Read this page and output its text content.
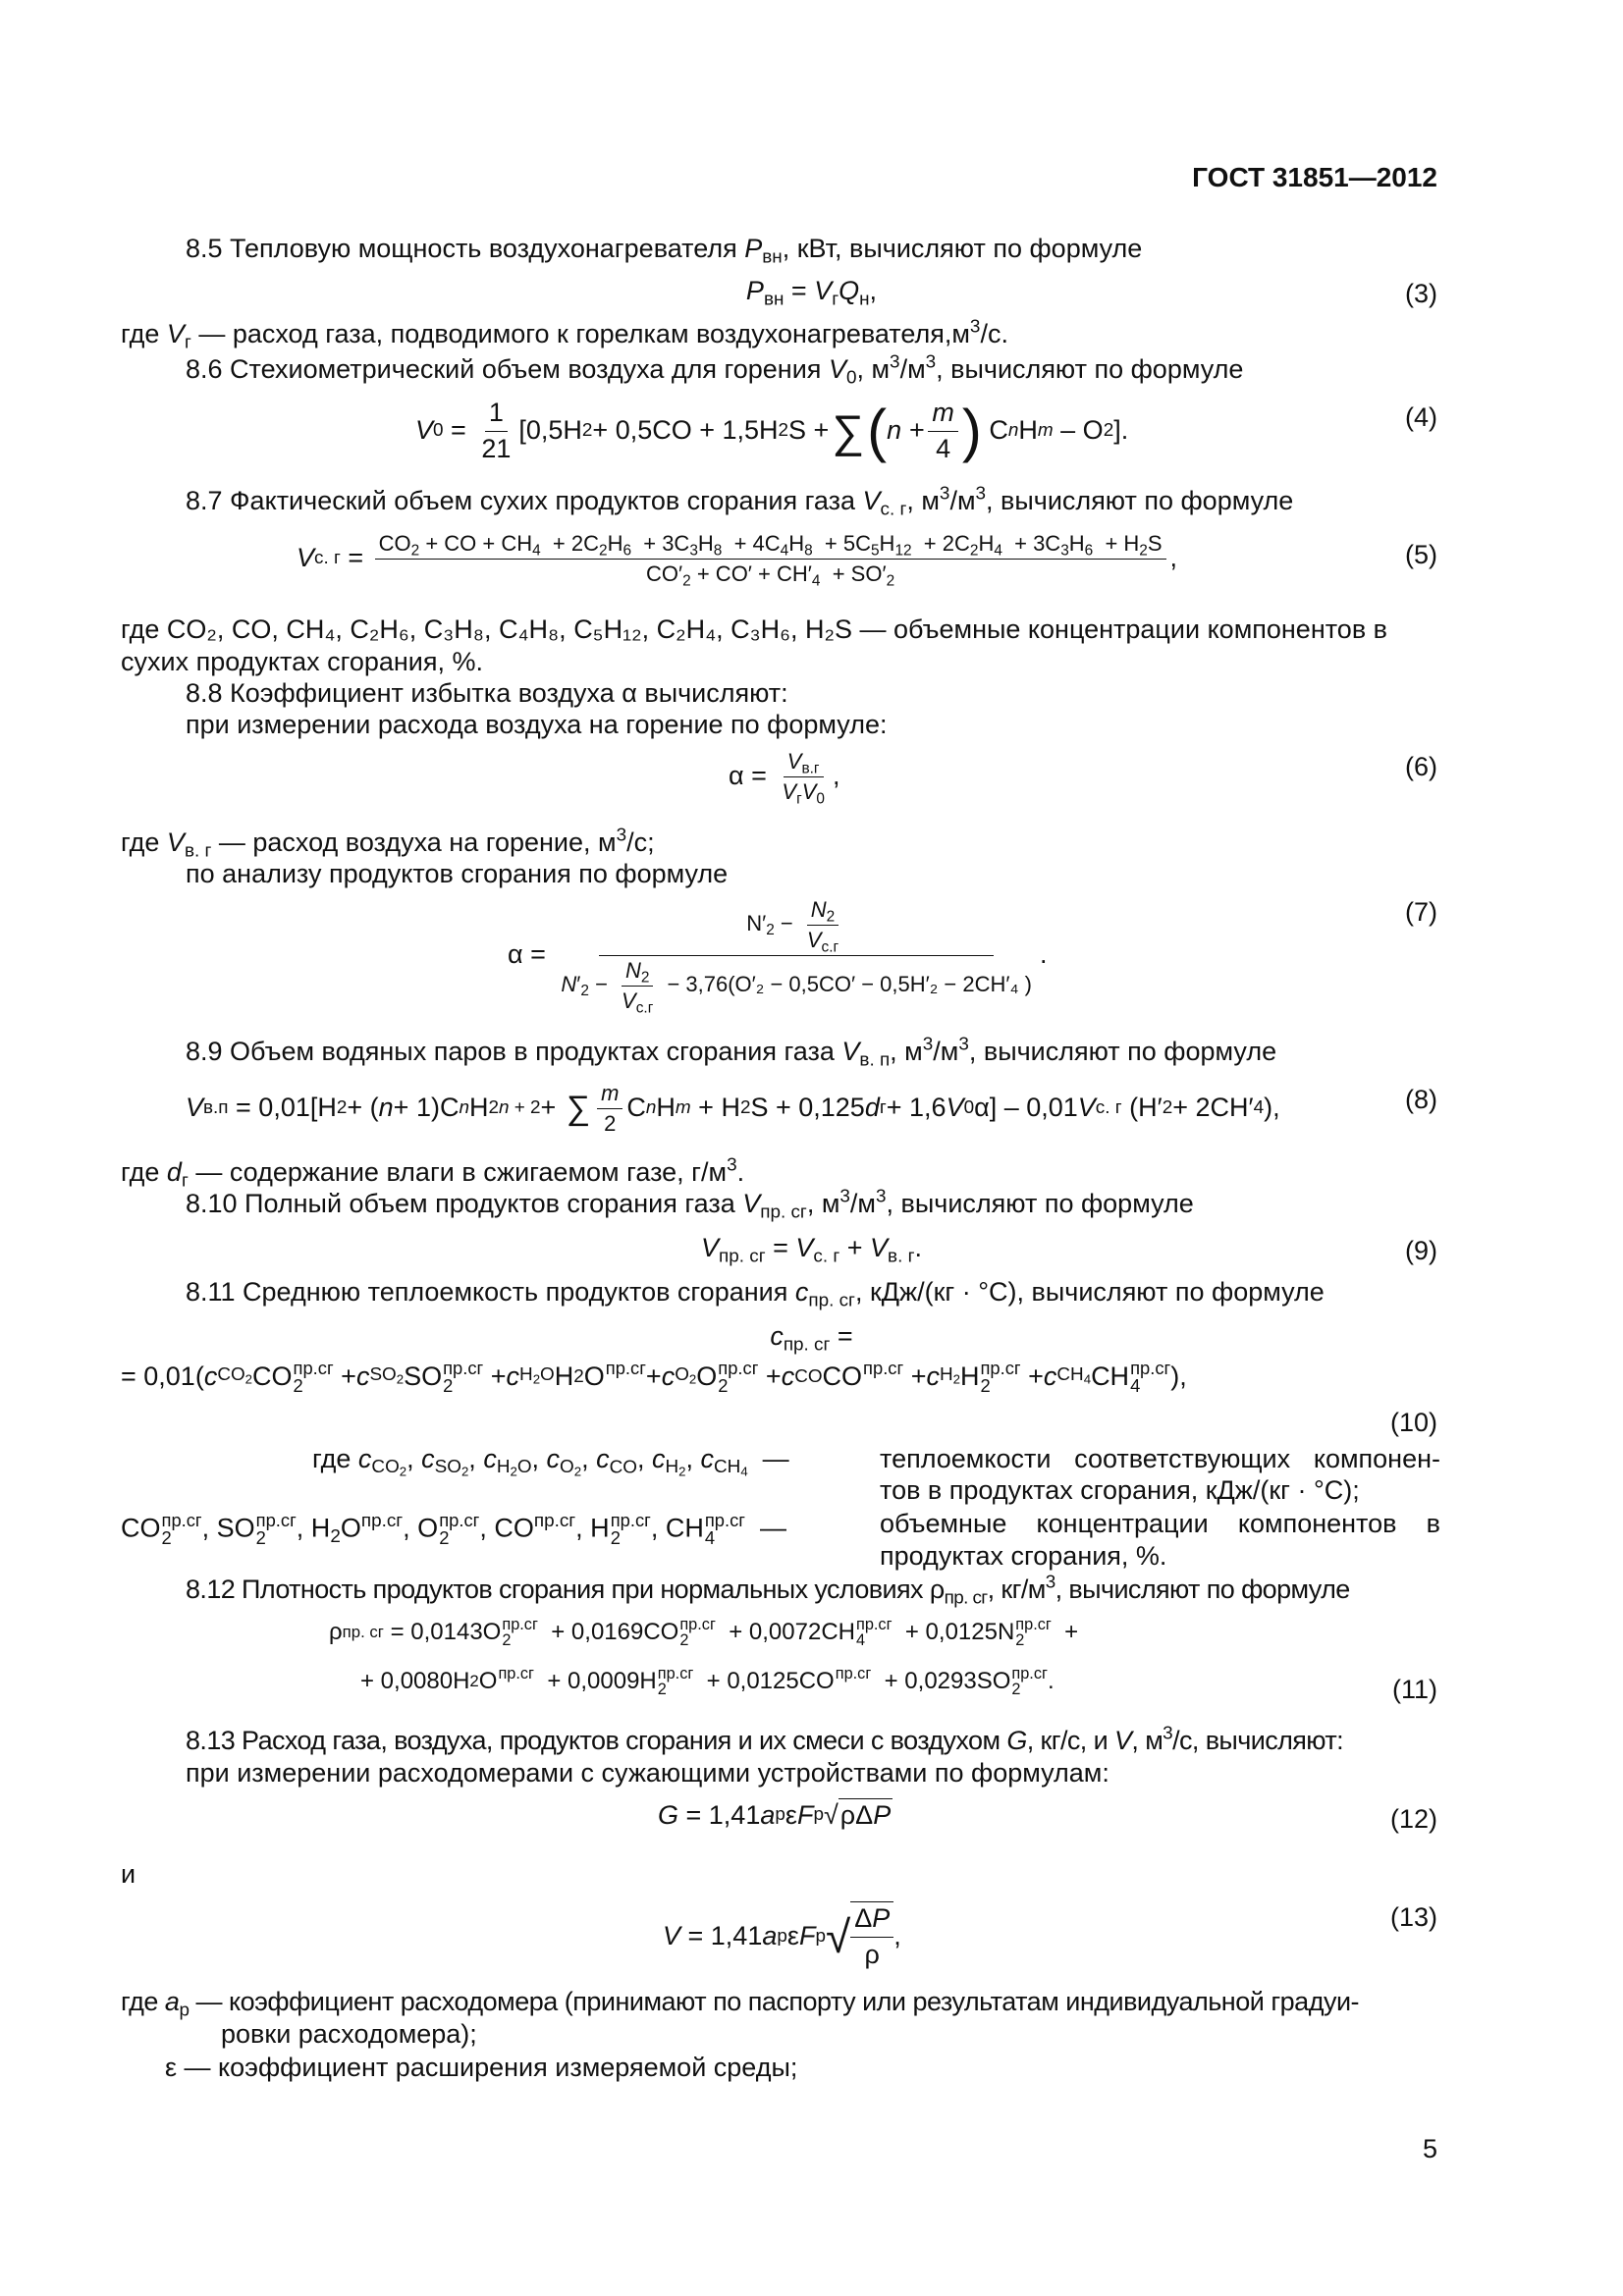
ГОСТ 31851—2012
5
8.5 Тепловую мощность воздухонагревателя $P_{вн}$, кВт, вычисляют по формуле
$P_{вн} = V_гQ_н$,	(3)
где $V_г$ — расход газа, подводимого к горелкам $воздухонагревателя,м^3/с$.
8.6 Стехиометрический объем воздуха для горения $V_0$, $м^3/м^3$, вычисляют по формуле
V $0 = \frac{1}{21} [0,5H$ 2 + 0,5CO + 1,5H 2 S + ∑ ( $n + \frac{m}{4}$ ) C n H m – O 2 ].	(4)
8.7 Фактический объем сухих продуктов сгорания газа $V_{с. г}$, $м^3/м^3$, вычисляют по формуле
V с. $г = CO_2$ + CO + $CH_4 + 2C_2H_6 + 3C_3H_8 + 4C_4H_8 + 5C_5H_{12} + 2C_2H_4 + 3C_3H_6 + H_2S$
$CO'_2 + CO' + CH'_4 + SO'_2$
,	(5)
где CO₂, CO, CH₄, C₂H₆, C₃H₈, C₄H₈, C₅H₁₂, C₂H₄, C₃H₆, H₂S — объемные концентрации компонентов в
сухих продуктах сгорания, %.
8.8 Коэффициент избытка воздуха α вычисляют:
при измерении расхода воздуха на горение по формуле:
$\alpha = \frac{V_{в.г}}{V_гV_0}$ ,	(6)
где $V_{в. г}$ — расход воздуха на горение, $м^3/с$;
по анализу продуктов сгорания по формуле
$\alpha = \frac{N'_2 - \frac{N_2}{V_{с.г}}}{N'_2 - \frac{N_2}{V_{с.г}} - 3,76(O'_2 - 0,5CO' - 0,5H'_2 - 2CH'_4 )}$ .
(7)
8.9 Объем водяных паров в продуктах сгорания газа $V_{в. п}$, $м^3/м^3$, вычисляют по формуле
V в.п = 0,01[H 2 + ( n + 1)C n H 2n + 2 + ∑ $\frac{m}{2}$ C n H m + H 2 S + 0,125 d г + 1,6 V 0 α] – 0,01 V с. г (H′ 2 + 2CH′ 4 ),	(8)
где $d_г$ — содержание влаги в сжигаемом газе, $г/м^3$.
8.10 Полный объем продуктов сгорания газа $V_{пр. сг}$, $м^3/м^3$, вычисляют по формуле
$V_{пр. сг} = V_{с. г} + V_{в. г}$.	(9)
8.11 Среднюю теплоемкость продуктов сгорания $c_{пр. сг}$, кДж/(кг · °С), вычисляют по формуле
$c_{пр. сг}$ =
= 0,01( c $CO_2$ CO пр.сг
2	+ c $SO_2$ SO пр.сг
2	+ c $H_2O$ H 2 O пр.сг
+ c $O_2$ O пр.сг
2	+ c CO CO пр.сг
+ c $H_2$ H пр.сг
2	+ c $CH_4$ CH пр.сг
4	),
(10)
где $c_{CO_2}$, $c_{SO_2}$, $c_{H_2O}$, $c_{O_2}$, $c_{CO}$, $c_{H_2}$, $c_{CH_4}$  —	теплоемкости соответствующих компонен-
тов в продуктах сгорания, кДж/(кг · °С);
CO пр.сг
2	, SO пр.сг
2	, $H_2O^{пр.сг}$, O пр.сг
2	, $CO^{пр.сг}$, H пр.сг
2	, CH пр.сг
4	—	объемные концентрации компонентов в
продуктах сгорания, %.
8.12 Плотность продуктов сгорания при нормальных условиях $\rho_{пр. сг}$, $кг/м^3$, вычисляют по формуле
ρ пр. сг = 0,0143O пр.сг
2	+ 0,0169CO пр.сг
2	+ 0,0072CH пр.сг
4	+ 0,0125N пр.сг
2	+
+ 0,0080H 2 O пр.сг
+ 0,0009H пр.сг
2	+ 0,0125CO пр.сг
+ 0,0293SO пр.сг
2	.	(11)
8.13 Расход газа, воздуха, продуктов сгорания и их смеси с воздухом G, кг/с, и V, $м^3/с$, вычисляют:
при измерении расходомерами с сужающими устройствами по формулам:
G = 1,41 a р ε F р √ ρΔP	(12)
и
V = 1,41 a р ε F р √ $\frac{\Delta P}{\rho}$ ,
(13)
где $a_р$ — коэффициент расходомера (принимают по паспорту или результатам индивидуальной градуи-
ровки расходомера);
ε — коэффициент расширения измеряемой среды;
